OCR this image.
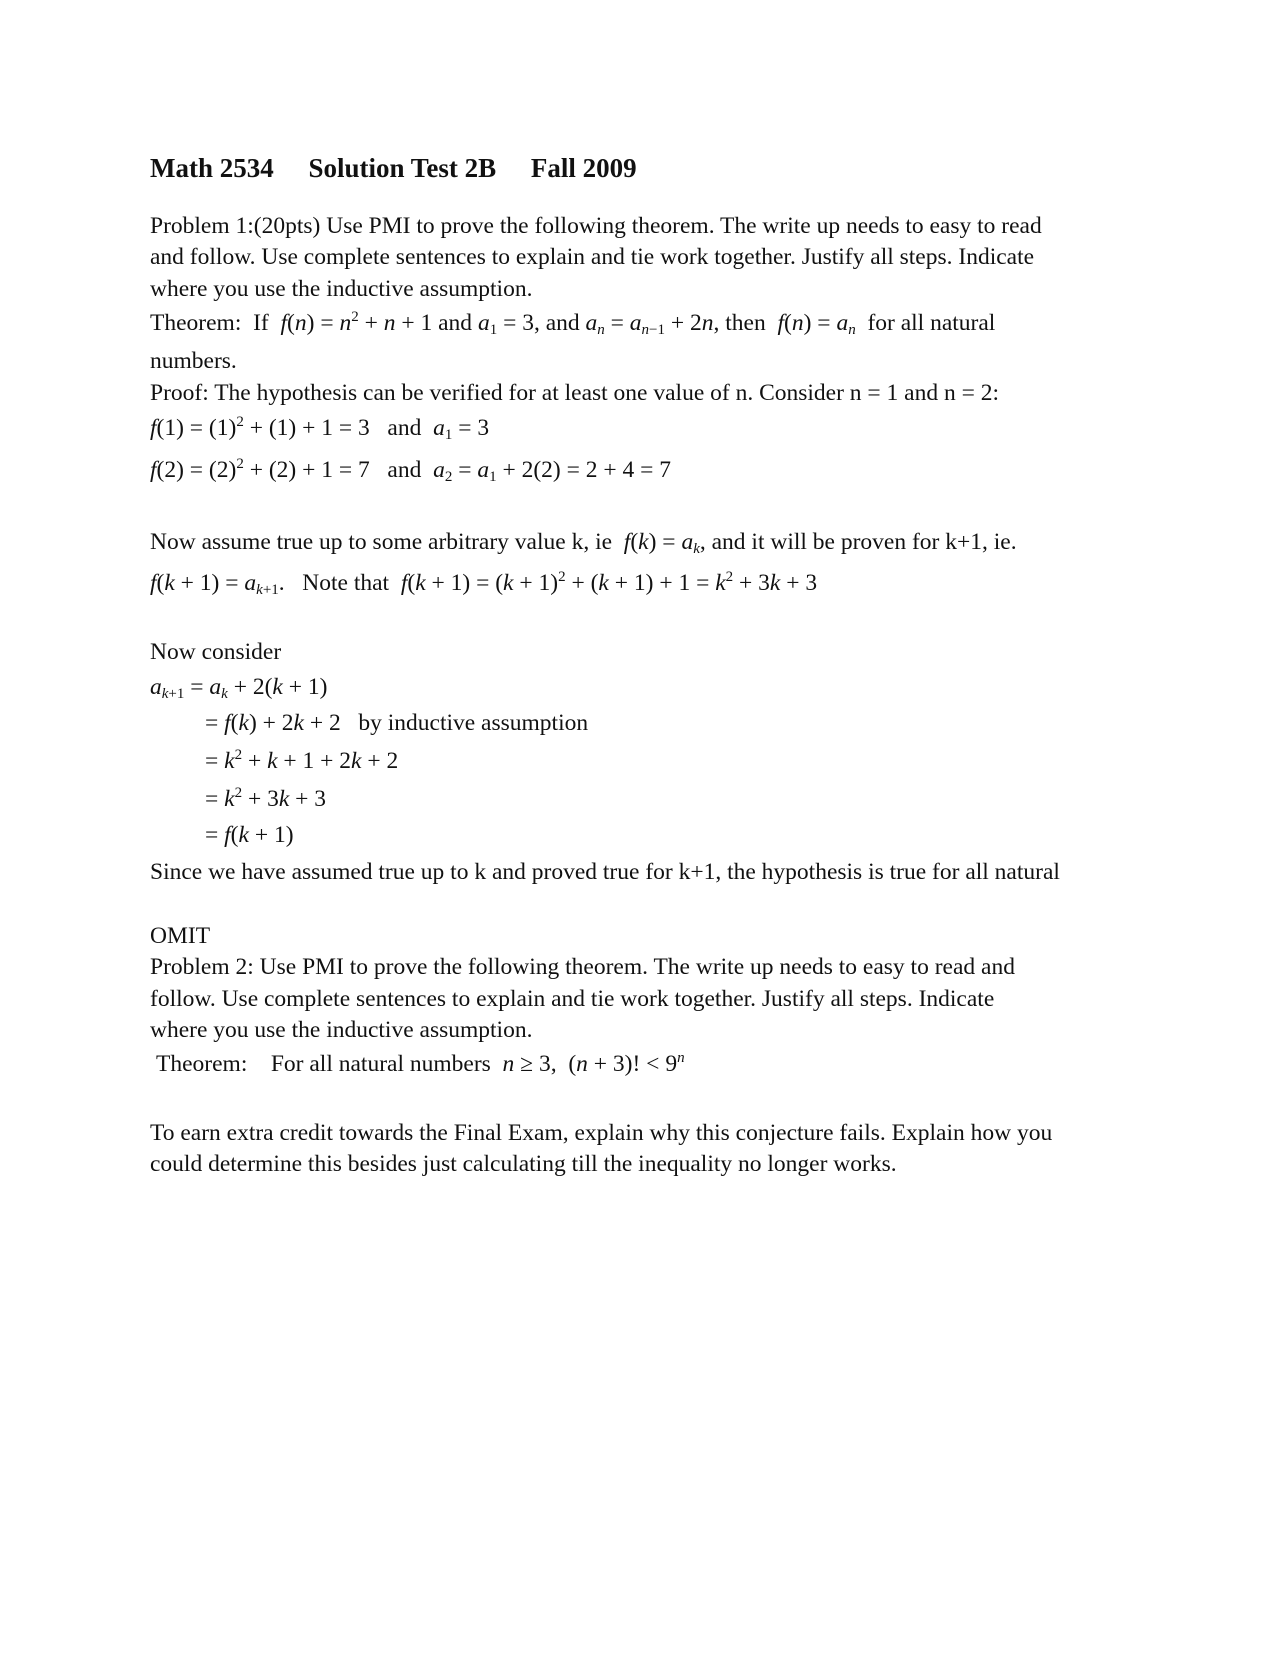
Math 2534 Solution Test 2B Fall 2009
Problem 1:(20pts) Use PMI to prove the following theorem. The write up needs to easy to read
and follow. Use complete sentences to explain and tie work together. Justify all steps. Indicate
where you use the inductive assumption.
Theorem: If $f(n) = n^2 + n + 1$ and $a_1 = 3$, and $a_n = a_{n-1} + 2n$, then $f(n) = a_n$ for all natural
numbers.
Proof: The hypothesis can be verified for at least one value of n. Consider n = 1 and n = 2:
$f(1) = (1)^2 + (1) + 1 = 3$   and $a_1 = 3$
$f(2) = (2)^2 + (2) + 1 = 7$   and $a_2 = a_1 + 2(2) = 2 + 4 = 7$
Now assume true up to some arbitrary value k, ie $f(k) = a_k$, and it will be proven for k+1, ie.
$f(k + 1) = a_{k+1}$.   Note that $f(k + 1) = (k + 1)^2 + (k + 1) + 1 = k^2 + 3k + 3$
Now consider
$a_{k+1} = a_k + 2(k + 1)$
= f(k) + 2k + 2   by inductive assumption
= $k^2 + k + 1 + 2k + 2$
= $k^2 + 3k + 3$
= f(k + 1)
Since we have assumed true up to k and proved true for k+1, the hypothesis is true for all natural
OMIT
Problem 2: Use PMI to prove the following theorem. The write up needs to easy to read and
follow. Use complete sentences to explain and tie work together. Justify all steps. Indicate
where you use the inductive assumption.
Theorem: For all natural numbers n ≥ 3,  (n + 3)! < $9^n$
To earn extra credit towards the Final Exam, explain why this conjecture fails. Explain how you
could determine this besides just calculating till the inequality no longer works.
